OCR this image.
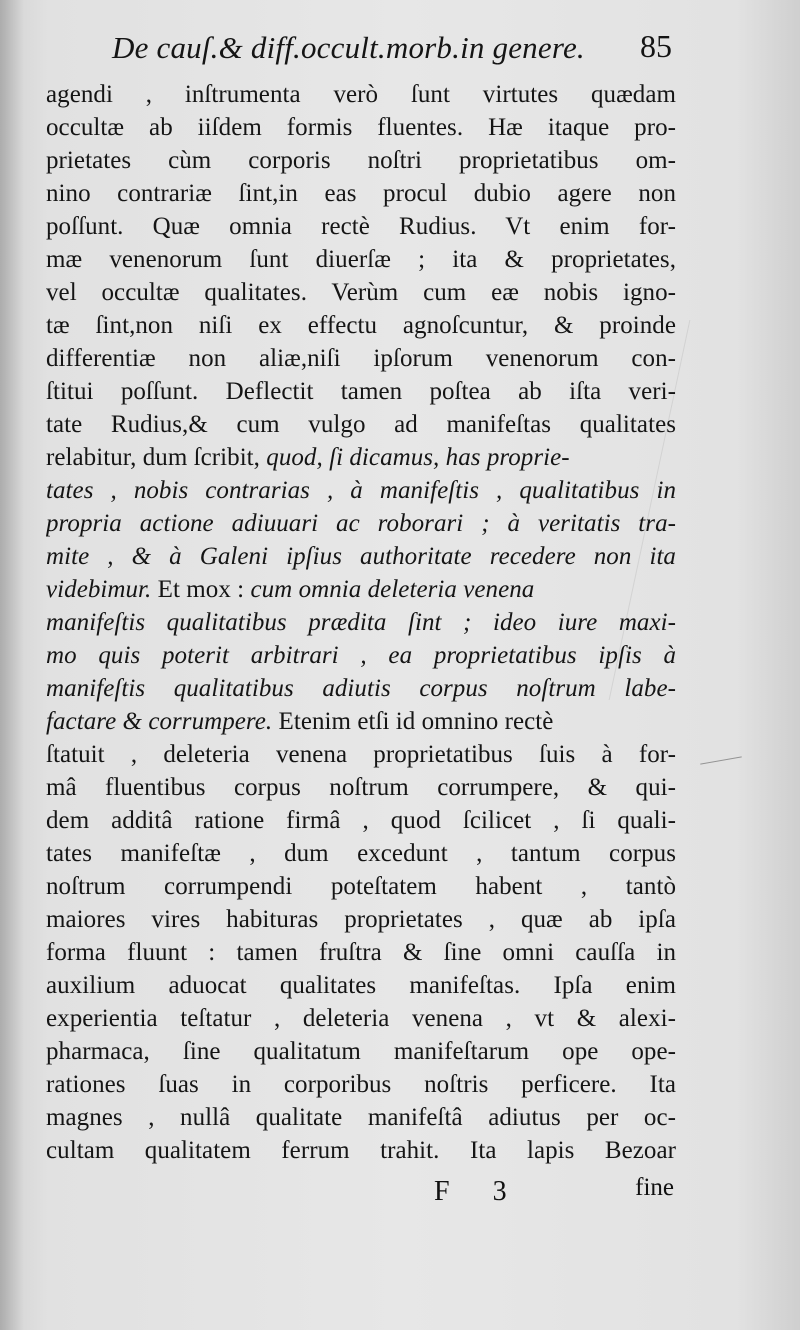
De cauſ.& diff.occult.morb.in genere. 85
agendi , inſtrumenta verò ſunt virtutes quædam
occultæ ab iiſdem formis fluentes. Hæ itaque pro-
prietates cùm corporis noſtri proprietatibus om-
nino contrariæ ſint,in eas procul dubio agere non
poſſunt. Quæ omnia rectè Rudius. Vt enim for-
mæ venenorum ſunt diuerſæ ; ita & proprietates,
vel occultæ qualitates. Verùm cum eæ nobis igno-
tæ ſint,non niſi ex effectu agnoſcuntur, & proinde
differentiæ non aliæ,niſi ipſorum venenorum con-
ſtitui poſſunt. Deflectit tamen poſtea ab iſta veri-
tate Rudius,& cum vulgo ad manifeſtas qualitates
relabitur, dum ſcribit, quod, ſi dicamus, has proprie-
tates , nobis contrarias , à manifeſtis , qualitatibus in
propria actione adiuuari ac roborari ; à veritatis tra-
mite , & à Galeni ipſius authoritate recedere non ita
videbimur. Et mox : cum omnia deleteria venena
manifeſtis qualitatibus prædita ſint ; ideo iure maxi-
mo quis poterit arbitrari , ea proprietatibus ipſis à
manifeſtis qualitatibus adiutis corpus noſtrum labe-
factare & corrumpere. Etenim etſi id omnino rectè
ſtatuit , deleteria venena proprietatibus ſuis à for-
mâ fluentibus corpus noſtrum corrumpere, & qui-
dem additâ ratione firmâ , quod ſcilicet , ſi quali-
tates manifeſtæ , dum excedunt , tantum corpus
noſtrum corrumpendi poteſtatem habent , tantò
maiores vires habituras proprietates , quæ ab ipſa
forma fluunt : tamen fruſtra & ſine omni cauſſa in
auxilium aduocat qualitates manifeſtas. Ipſa enim
experientia teſtatur , deleteria venena , vt & alexi-
pharmaca, ſine qualitatum manifeſtarum ope ope-
rationes ſuas in corporibus noſtris perficere. Ita
magnes , nullâ qualitate manifeſtâ adiutus per oc-
cultam qualitatem ferrum trahit. Ita lapis Bezoar
F 3	fine
